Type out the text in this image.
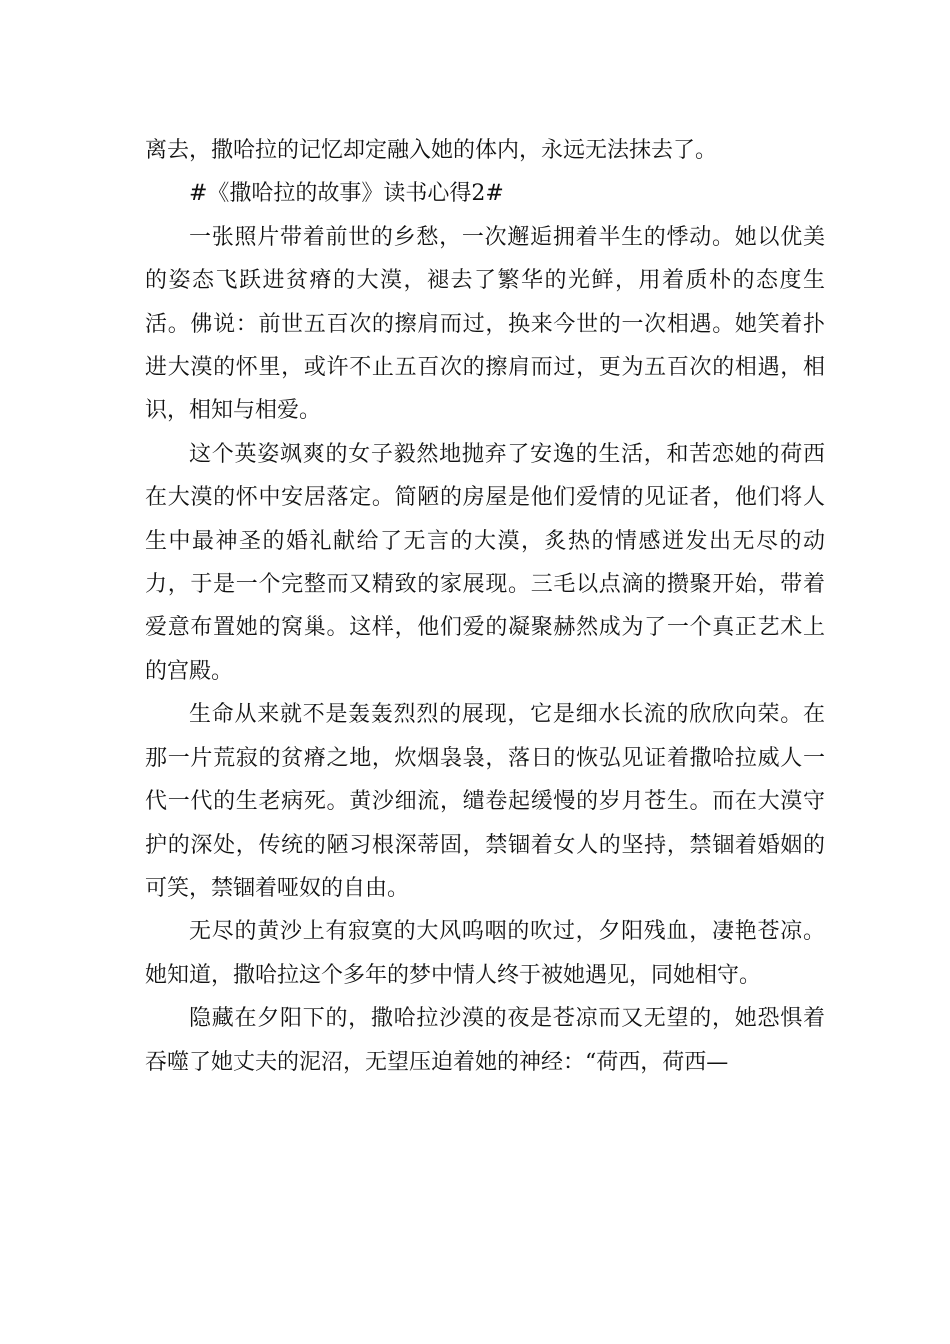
离去，撒哈拉的记忆却定融入她的体内，永远无法抹去了。

#《撒哈拉的故事》读书心得2#

一张照片带着前世的乡愁，一次邂逅拥着半生的悸动。她以优美的姿态飞跃进贫瘠的大漠，褪去了繁华的光鲜，用着质朴的态度生活。佛说：前世五百次的擦肩而过，换来今世的一次相遇。她笑着扑进大漠的怀里，或许不止五百次的擦肩而过，更为五百次的相遇，相识，相知与相爱。

这个英姿飒爽的女子毅然地抛弃了安逸的生活，和苦恋她的荷西在大漠的怀中安居落定。简陋的房屋是他们爱情的见证者，他们将人生中最神圣的婚礼献给了无言的大漠，炙热的情感迸发出无尽的动力，于是一个完整而又精致的家展现。三毛以点滴的攒聚开始，带着爱意布置她的窝巢。这样，他们爱的凝聚赫然成为了一个真正艺术上的宫殿。

生命从来就不是轰轰烈烈的展现，它是细水长流的欣欣向荣。在那一片荒寂的贫瘠之地，炊烟袅袅，落日的恢弘见证着撒哈拉威人一代一代的生老病死。黄沙细流，缱卷起缓慢的岁月苍生。而在大漠守护的深处，传统的陋习根深蒂固，禁锢着女人的坚持，禁锢着婚姻的可笑，禁锢着哑奴的自由。

无尽的黄沙上有寂寞的大风呜咽的吹过，夕阳残血，凄艳苍凉。她知道，撒哈拉这个多年的梦中情人终于被她遇见，同她相守。

隐藏在夕阳下的，撒哈拉沙漠的夜是苍凉而又无望的，她恐惧着吞噬了她丈夫的泥沼，无望压迫着她的神经：“荷西，荷西—
